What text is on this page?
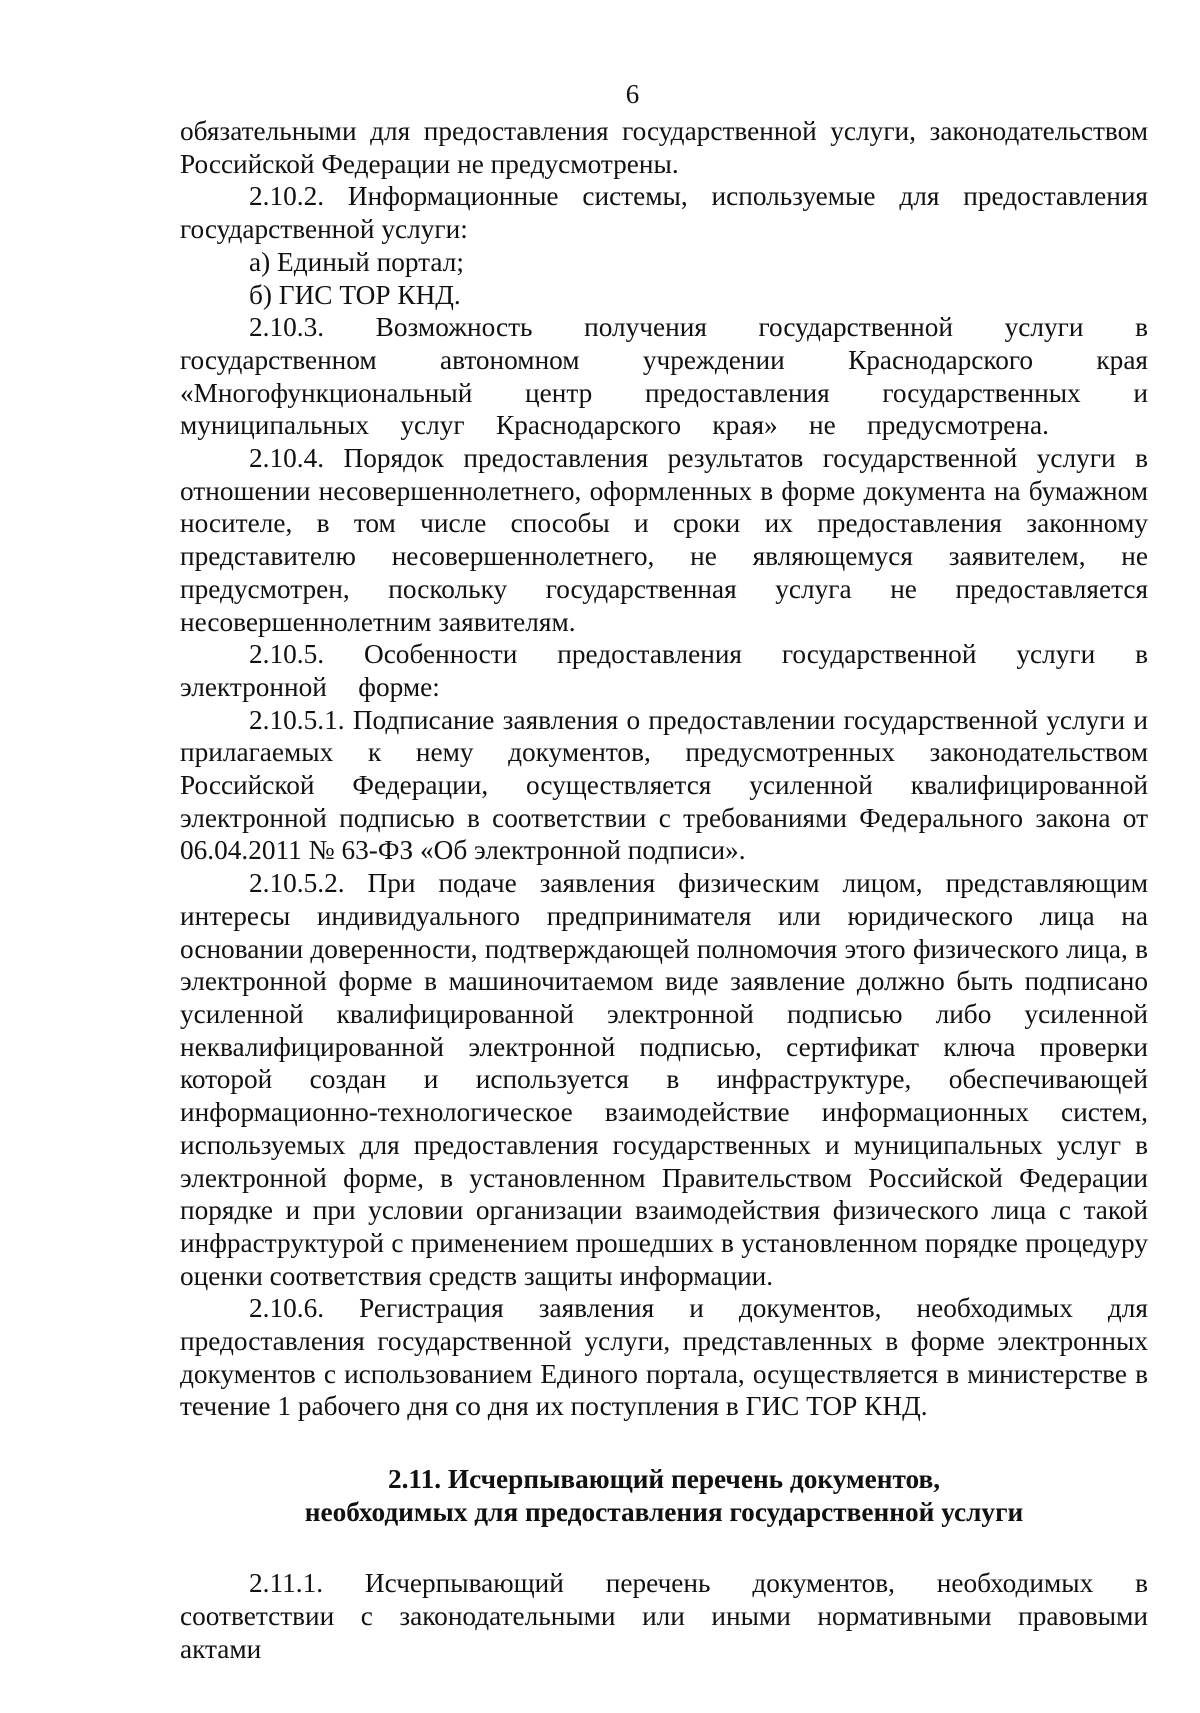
6

обязательными для предоставления государственной услуги, законодательством Российской Федерации не предусмотрены.

2.10.2. Информационные системы, используемые для предоставления государственной услуги:

а) Единый портал;

б) ГИС ТОР КНД.

2.10.3. Возможность получения государственной услуги в государственном автономном учреждении Краснодарского края «Многофункциональный центр предоставления государственных и муниципальных услуг Краснодарского края» не предусмотрена.

2.10.4. Порядок предоставления результатов государственной услуги в отношении несовершеннолетнего, оформленных в форме документа на бумажном носителе, в том числе способы и сроки их предоставления законному представителю несовершеннолетнего, не являющемуся заявителем, не предусмотрен, поскольку государственная услуга не предоставляется несовершеннолетним заявителям.

2.10.5. Особенности предоставления государственной услуги в электронной форме:

2.10.5.1. Подписание заявления о предоставлении государственной услуги и прилагаемых к нему документов, предусмотренных законодательством Российской Федерации, осуществляется усиленной квалифицированной электронной подписью в соответствии с требованиями Федерального закона от 06.04.2011 № 63-ФЗ «Об электронной подписи».

2.10.5.2. При подаче заявления физическим лицом, представляющим интересы индивидуального предпринимателя или юридического лица на основании доверенности, подтверждающей полномочия этого физического лица, в электронной форме в машиночитаемом виде заявление должно быть подписано усиленной квалифицированной электронной подписью либо усиленной неквалифицированной электронной подписью, сертификат ключа проверки которой создан и используется в инфраструктуре, обеспечивающей информационно-технологическое взаимодействие информационных систем, используемых для предоставления государственных и муниципальных услуг в электронной форме, в установленном Правительством Российской Федерации порядке и при условии организации взаимодействия физического лица с такой инфраструктурой с применением прошедших в установленном порядке процедуру оценки соответствия средств защиты информации.

2.10.6. Регистрация заявления и документов, необходимых для предоставления государственной услуги, представленных в форме электронных документов с использованием Единого портала, осуществляется в министерстве в течение 1 рабочего дня со дня их поступления в ГИС ТОР КНД.

2.11. Исчерпывающий перечень документов,
необходимых для предоставления государственной услуги

2.11.1. Исчерпывающий перечень документов, необходимых в соответствии с законодательными или иными нормативными правовыми актами
